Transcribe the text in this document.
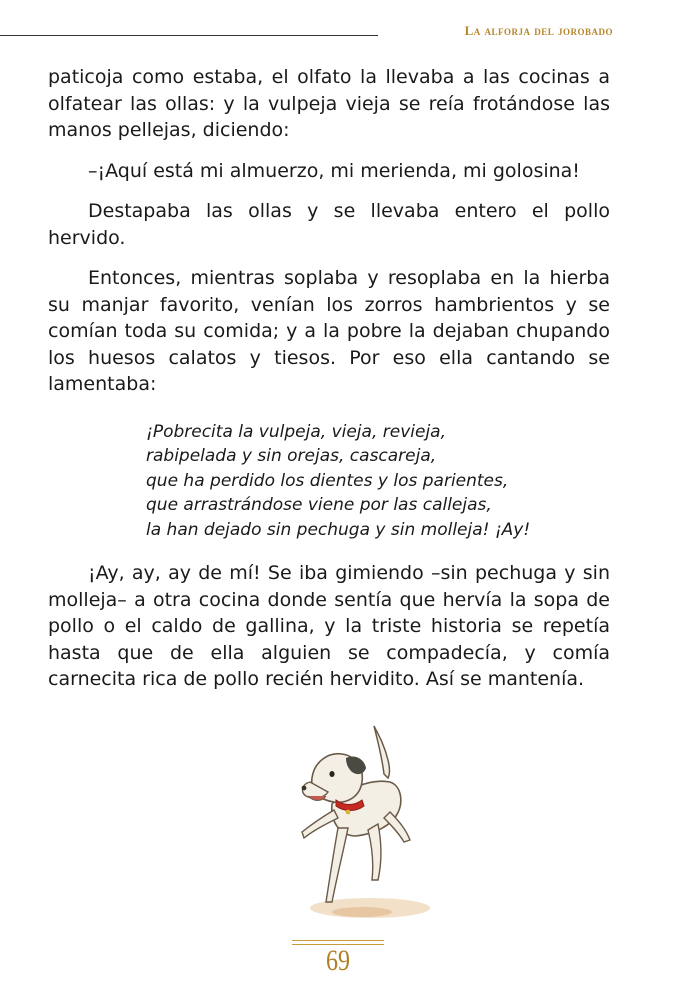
La alforja del jorobado

paticoja como estaba, el olfato la llevaba a las cocinas a olfatear las ollas: y la vulpeja vieja se reía frotándose las manos pellejas, diciendo:

–¡Aquí está mi almuerzo, mi merienda, mi golosina!

Destapaba las ollas y se llevaba entero el pollo hervido.

Entonces, mientras soplaba y resoplaba en la hierba su manjar favorito, venían los zorros hambrientos y se comían toda su comida; y a la pobre la dejaban chupando los huesos calatos y tiesos. Por eso ella cantando se lamentaba:

¡Pobrecita la vulpeja, vieja, revieja,
rabipelada y sin orejas, cascareja,
que ha perdido los dientes y los parientes,
que arrastrándose viene por las callejas,
la han dejado sin pechuga y sin molleja! ¡Ay!

¡Ay, ay, ay de mí! Se iba gimiendo –sin pechuga y sin molleja– a otra cocina donde sentía que hervía la sopa de pollo o el caldo de gallina, y la triste historia se repetía hasta que de ella alguien se compadecía, y comía carnecita rica de pollo recién hervidito. Así se mantenía.

69
